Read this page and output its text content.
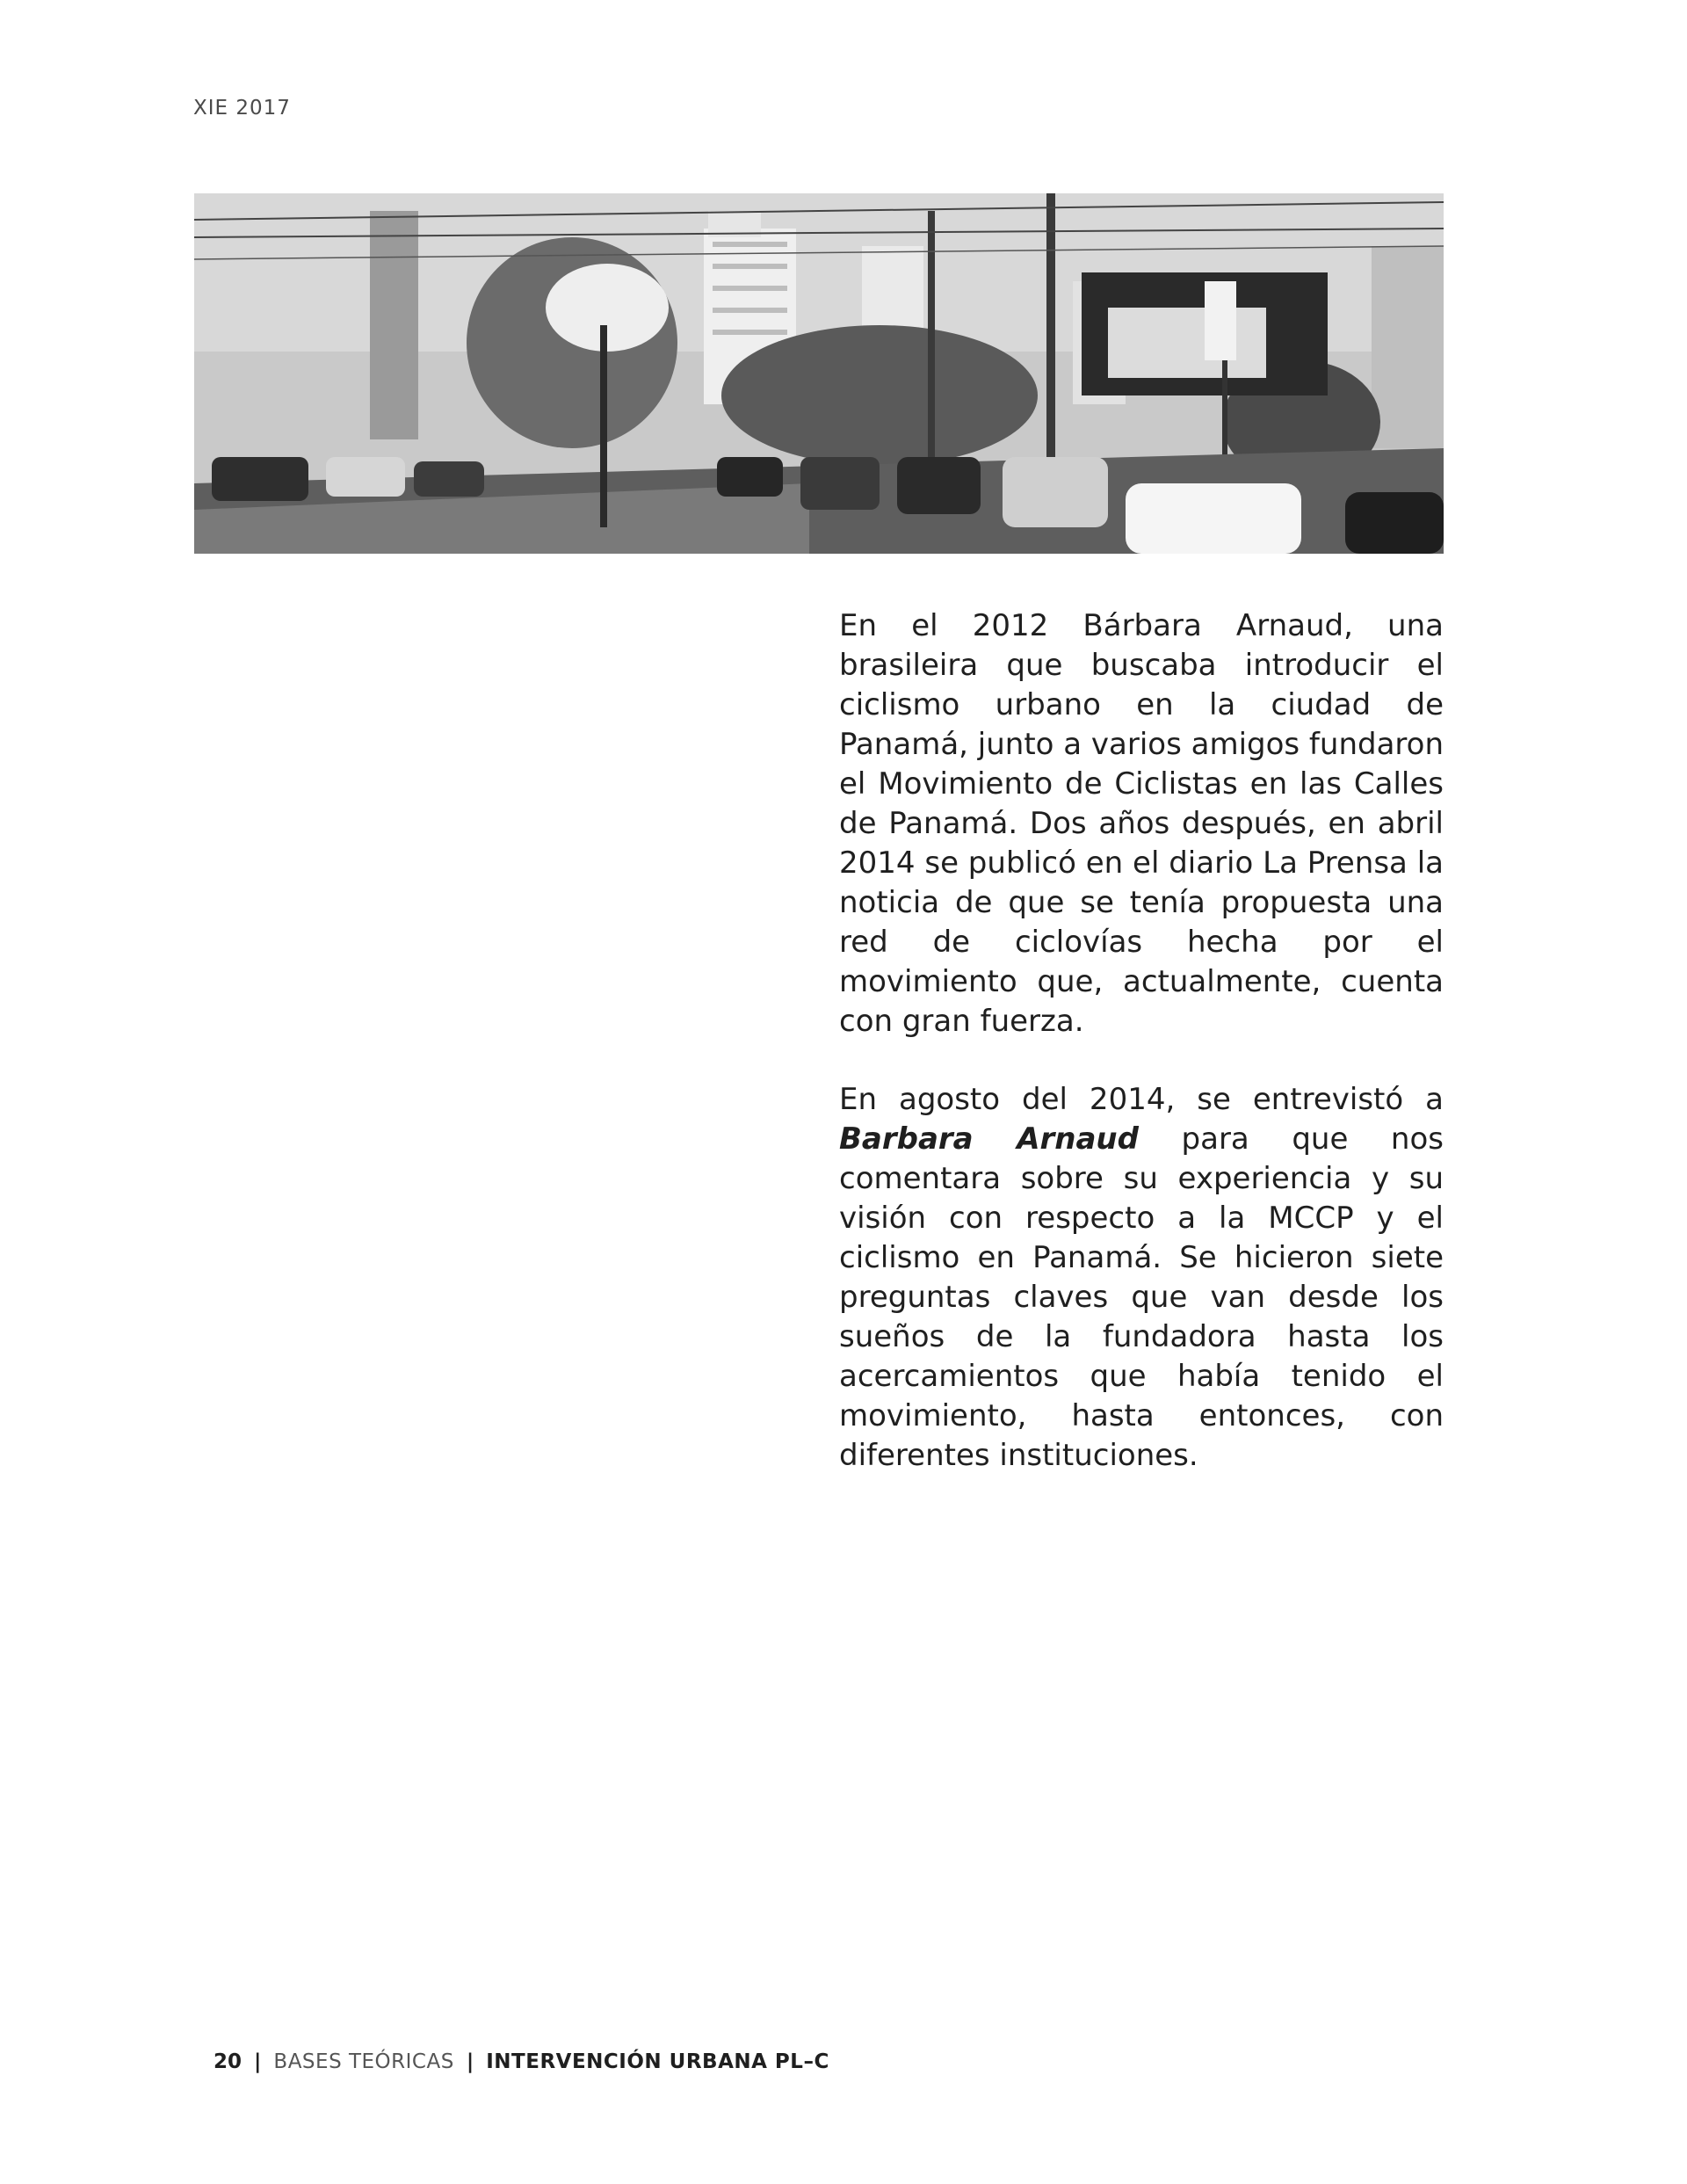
XIE 2017

En el 2012 Bárbara Arnaud, una brasileira que buscaba introducir el ciclismo urbano en la ciudad de Panamá, junto a varios amigos fundaron el Movimiento de Ciclistas en las Calles de Panamá. Dos años después, en abril 2014 se publicó en el diario La Prensa la noticia de que se tenía propuesta una red de ciclovías hecha por el movimiento que, actualmente, cuenta con gran fuerza.

En agosto del 2014, se entrevistó a Barbara Arnaud para que nos comentara sobre su experiencia y su visión con respecto a la MCCP y el ciclismo en Panamá. Se hicieron siete preguntas claves que van desde los sueños de la fundadora hasta los acercamientos que había tenido el movimiento, hasta entonces, con diferentes instituciones.

20 | BASES TEÓRICAS | INTERVENCIÓN URBANA PL–C
